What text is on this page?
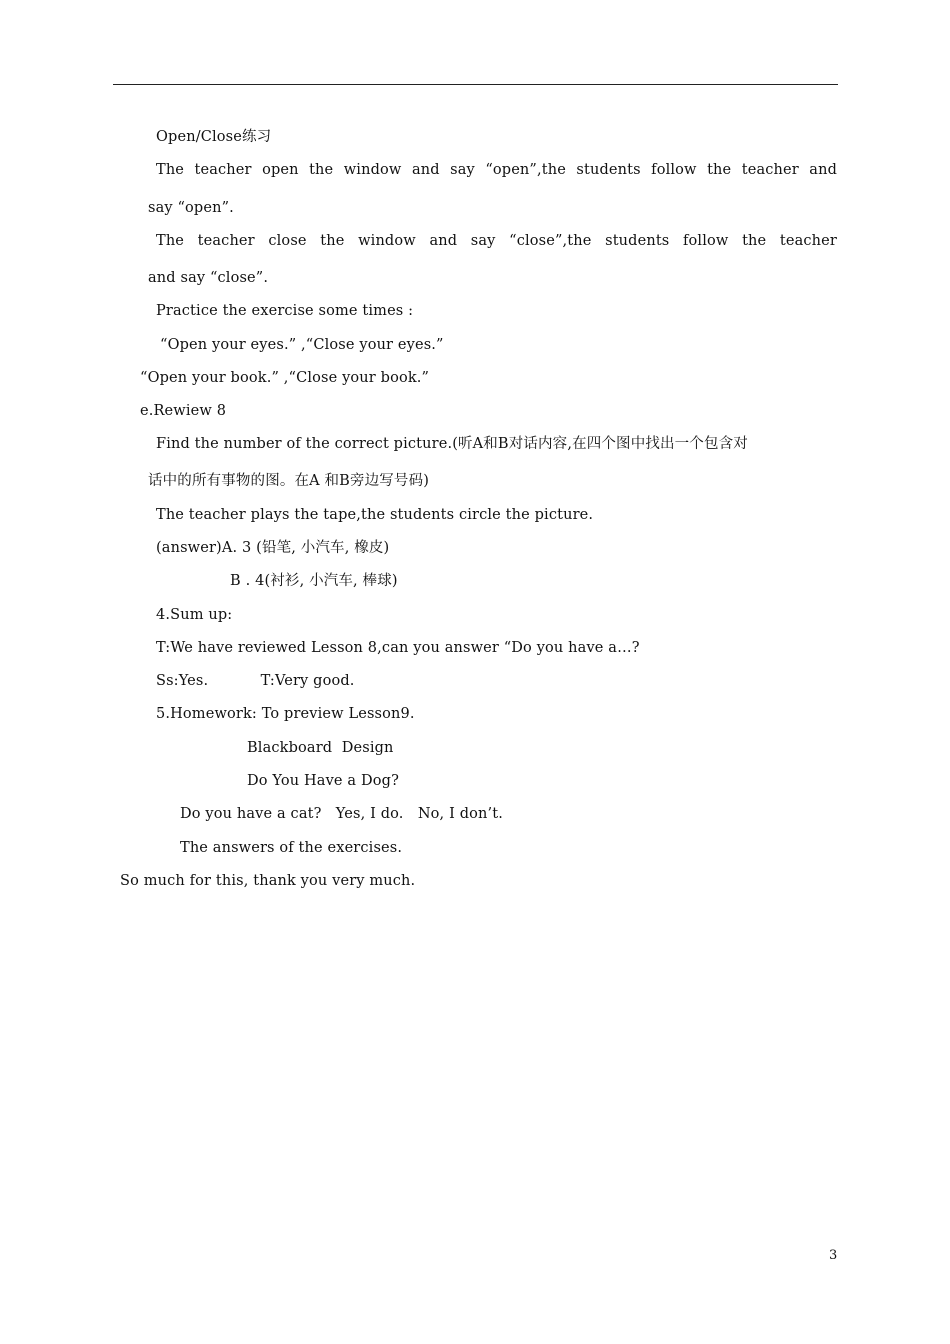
Open/Close练习
The teacher open the window and say “open”,the students follow the teacher and
say “open”.
The teacher close the window and say “close”,the students follow the teacher
and say “close”.
Practice the exercise some times :
“Open your eyes.” ,“Close your eyes.”
“Open your book.” ,“Close your book.”
e.Rewiew 8
Find the number of the correct picture.(听A和B对话内容,在四个图中找出一个包含对
话中的所有事物的图。在A 和B旁边写号码)
The teacher plays the tape,the students circle the picture.
(answer)A. 3 (铅笔, 小汽车, 橡皮)
B . 4(衬衫, 小汽车, 棒球)
4.Sum up:
T:We have reviewed Lesson 8,can you answer “Do you have a…?
Ss:Yes.           T:Very good.
5.Homework: To preview Lesson9.
Blackboard  Design
Do You Have a Dog?
Do you have a cat?   Yes, I do.   No, I don’t.
The answers of the exercises.
So much for this, thank you very much.
3
